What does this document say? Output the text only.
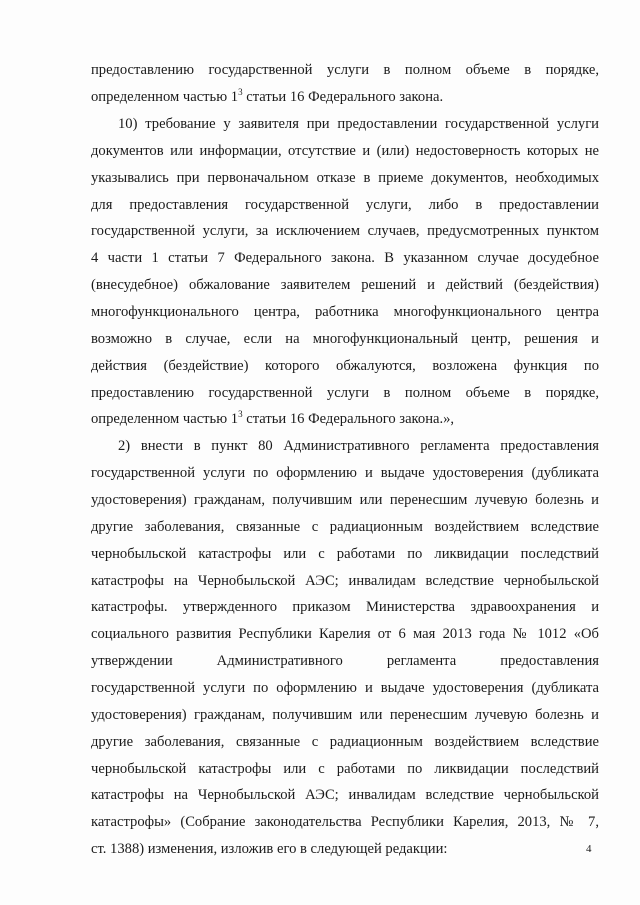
предоставлению государственной услуги в полном объеме в порядке,
определенном частью $1^3$ статьи 16 Федерального закона.
10) требование у заявителя при предоставлении государственной услуги
документов или информации, отсутствие и (или) недостоверность которых не
указывались при первоначальном отказе в приеме документов, необходимых
для предоставления государственной услуги, либо в предоставлении
государственной услуги, за исключением случаев, предусмотренных пунктом
4 части 1 статьи 7 Федерального закона. В указанном случае досудебное
(внесудебное) обжалование заявителем решений и действий (бездействия)
многофункционального центра, работника многофункционального центра
возможно в случае, если на многофункциональный центр, решения и
действия (бездействие) которого обжалуются, возложена функция по
предоставлению государственной услуги в полном объеме в порядке,
определенном частью $1^3$ статьи 16 Федерального закона.»,
2) внести в пункт 80 Административного регламента предоставления
государственной услуги по оформлению и выдаче удостоверения (дубликата
удостоверения) гражданам, получившим или перенесшим лучевую болезнь и
другие заболевания, связанные с радиационным воздействием вследствие
чернобыльской катастрофы или с работами по ликвидации последствий
катастрофы на Чернобыльской АЭС; инвалидам вследствие чернобыльской
катастрофы. утвержденного приказом Министерства здравоохранения и
социального развития Республики Карелия от 6 мая 2013 года № 1012 «Об
утверждении Административного регламента предоставления
государственной услуги по оформлению и выдаче удостоверения (дубликата
удостоверения) гражданам, получившим или перенесшим лучевую болезнь и
другие заболевания, связанные с радиационным воздействием вследствие
чернобыльской катастрофы или с работами по ликвидации последствий
катастрофы на Чернобыльской АЭС; инвалидам вследствие чернобыльской
катастрофы» (Собрание законодательства Республики Карелия, 2013, № 7,
ст. 1388) изменения, изложив его в следующей редакции:	4
